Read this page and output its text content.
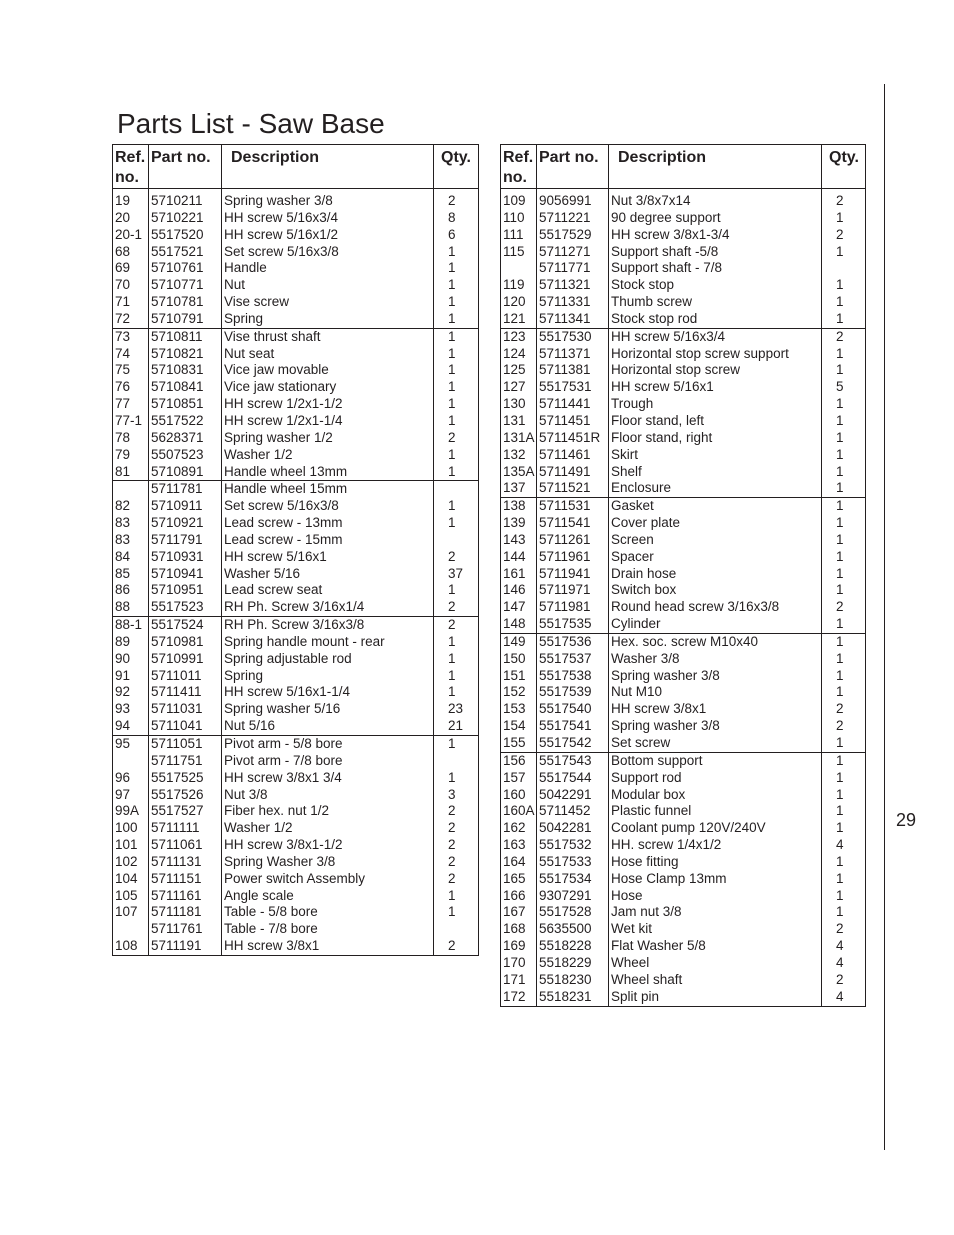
Parts List - Saw Base
29
Ref. no.	Part no.	Description	Qty.
19	5710211	Spring washer 3/8	2
20	5710221	HH screw 5/16x3/4	8
20-1	5517520	HH screw 5/16x1/2	6
68	5517521	Set screw 5/16x3/8	1
69	5710761	Handle	1
70	5710771	Nut	1
71	5710781	Vise screw	1
72	5710791	Spring	1
73	5710811	Vise thrust shaft	1
74	5710821	Nut seat	1
75	5710831	Vice jaw movable	1
76	5710841	Vice jaw stationary	1
77	5710851	HH screw 1/2x1-1/2	1
77-1	5517522	HH screw 1/2x1-1/4	1
78	5628371	Spring washer 1/2	2
79	5507523	Washer 1/2	1
81	5710891	Handle wheel 13mm	1
	5711781	Handle wheel 15mm	
82	5710911	Set screw 5/16x3/8	1
83	5710921	Lead screw - 13mm	1
83	5711791	Lead screw - 15mm	
84	5710931	HH screw 5/16x1	2
85	5710941	Washer 5/16	37
86	5710951	Lead screw seat	1
88	5517523	RH Ph. Screw 3/16x1/4	2
88-1	5517524	RH Ph. Screw 3/16x3/8	2
89	5710981	Spring handle mount - rear	1
90	5710991	Spring adjustable rod	1
91	5711011	Spring	1
92	5711411	HH screw 5/16x1-1/4	1
93	5711031	Spring washer 5/16	23
94	5711041	Nut 5/16	21
95	5711051	Pivot arm - 5/8 bore	1
	5711751	Pivot arm - 7/8 bore	
96	5517525	HH screw 3/8x1 3/4	1
97	5517526	Nut 3/8	3
99A	5517527	Fiber hex. nut 1/2	2
100	5711111	Washer 1/2	2
101	5711061	HH screw 3/8x1-1/2	2
102	5711131	Spring Washer 3/8	2
104	5711151	Power switch Assembly	2
105	5711161	Angle scale	1
107	5711181	Table - 5/8 bore	1
	5711761	Table - 7/8 bore	
108	5711191	HH screw 3/8x1	2
Ref. no.	Part no.	Description	Qty.
109	9056991	Nut 3/8x7x14	2
110	5711221	90 degree support	1
111	5517529	HH screw 3/8x1-3/4	2
115	5711271	Support shaft -5/8	1
	5711771	Support shaft - 7/8	
119	5711321	Stock stop	1
120	5711331	Thumb screw	1
121	5711341	Stock stop rod	1
123	5517530	HH screw 5/16x3/4	2
124	5711371	Horizontal stop screw support	1
125	5711381	Horizontal stop screw	1
127	5517531	HH screw 5/16x1	5
130	5711441	Trough	1
131	5711451	Floor stand, left	1
131A	5711451R	Floor stand, right	1
132	5711461	Skirt	1
135A	5711491	Shelf	1
137	5711521	Enclosure	1
138	5711531	Gasket	1
139	5711541	Cover plate	1
143	5711261	Screen	1
144	5711961	Spacer	1
161	5711941	Drain hose	1
146	5711971	Switch box	1
147	5711981	Round head screw 3/16x3/8	2
148	5517535	Cylinder	1
149	5517536	Hex. soc. screw M10x40	1
150	5517537	Washer 3/8	1
151	5517538	Spring washer 3/8	1
152	5517539	Nut M10	1
153	5517540	HH screw 3/8x1	2
154	5517541	Spring washer 3/8	2
155	5517542	Set screw	1
156	5517543	Bottom support	1
157	5517544	Support rod	1
160	5042291	Modular box	1
160A	5711452	Plastic funnel	1
162	5042281	Coolant pump 120V/240V	1
163	5517532	HH. screw 1/4x1/2	4
164	5517533	Hose fitting	1
165	5517534	Hose Clamp 13mm	1
166	9307291	Hose	1
167	5517528	Jam nut 3/8	1
168	5635500	Wet kit	2
169	5518228	Flat Washer 5/8	4
170	5518229	Wheel	4
171	5518230	Wheel shaft	2
172	5518231	Split pin	4
